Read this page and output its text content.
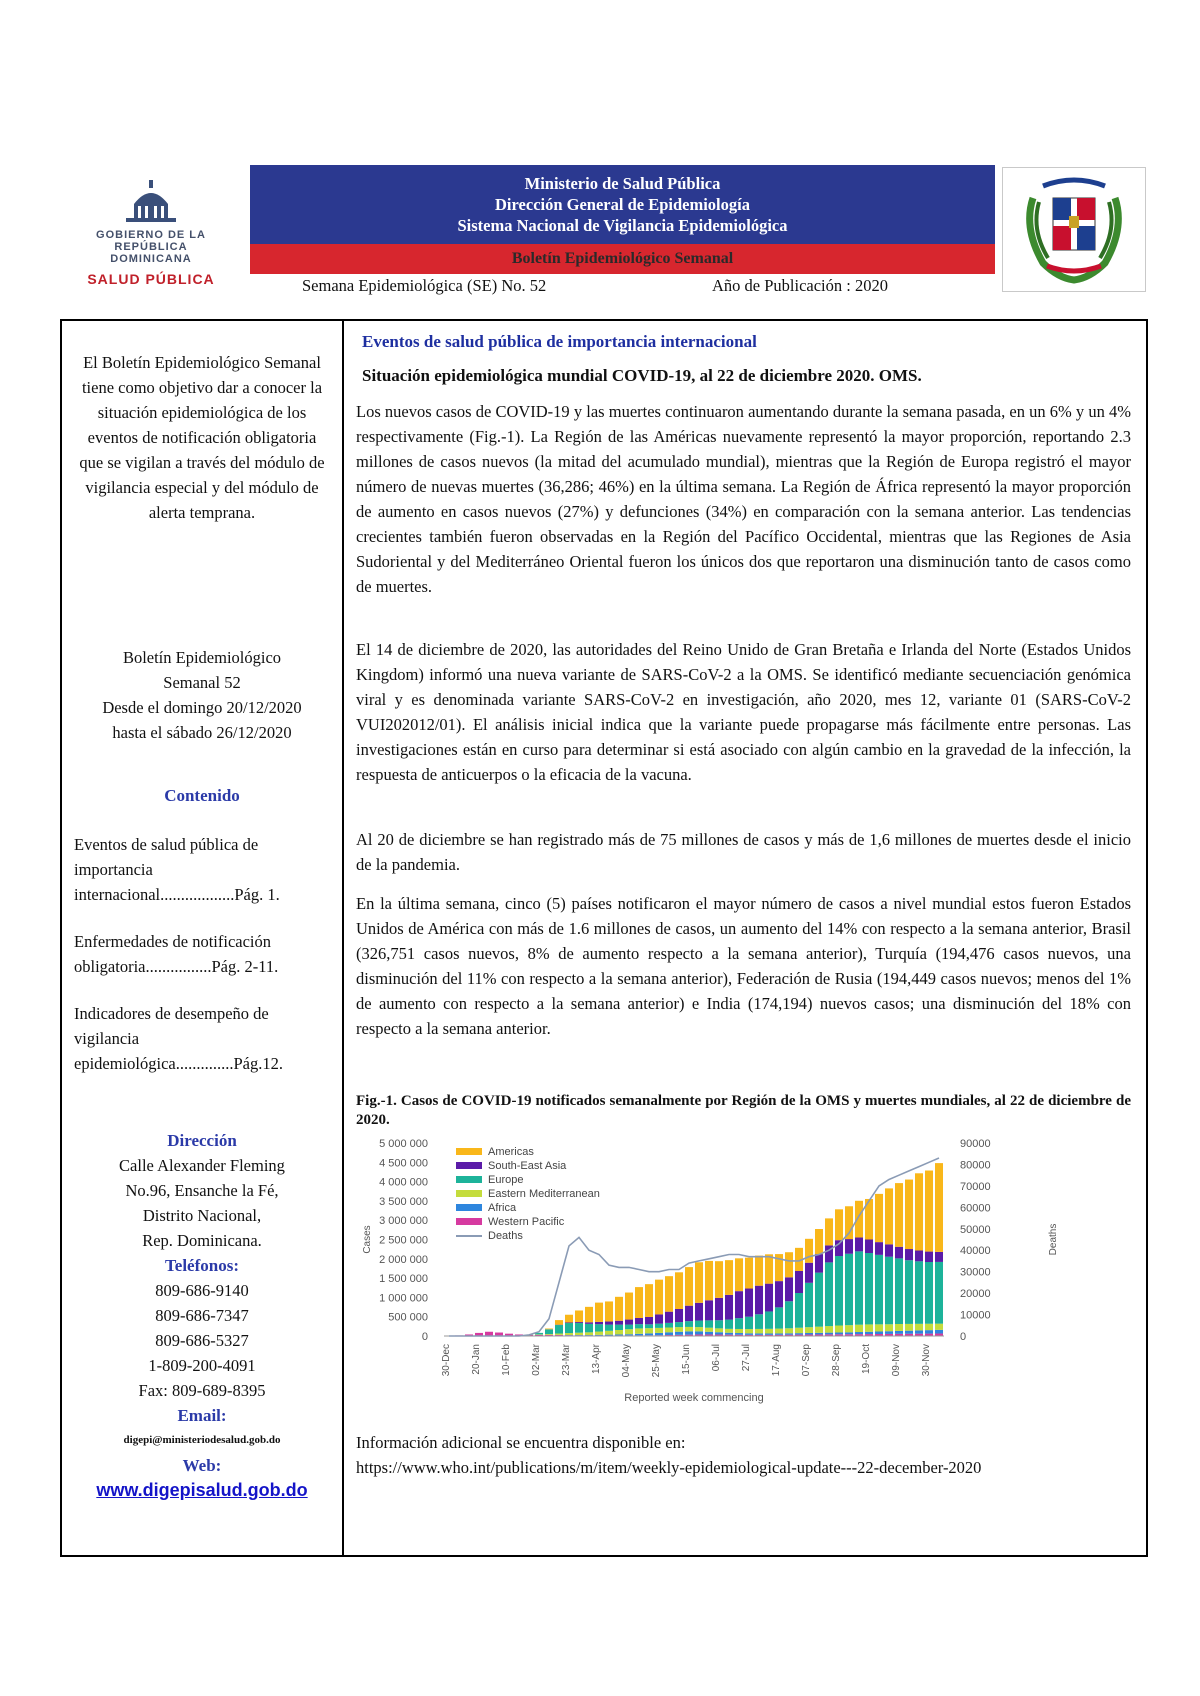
GOBIERNO DE LA
REPÚBLICA
DOMINICANA
SALUD PÚBLICA
Ministerio de Salud Pública
Dirección General de Epidemiología
Sistema Nacional de Vigilancia Epidemiológica
Boletín Epidemiológico Semanal
Semana Epidemiológica (SE) No. 52	Año de Publicación : 2020
El Boletín Epidemiológico Semanal tiene como objetivo dar a conocer la situación epidemiológica de los eventos de notificación obligatoria que se vigilan a través del módulo de vigilancia especial y del módulo de alerta temprana.
Boletín Epidemiológico
Semanal 52
Desde el domingo 20/12/2020
hasta el sábado 26/12/2020
Contenido
Eventos de salud pública de importancia internacional..................Pág. 1.
Enfermedades de notificación obligatoria................Pág. 2-11.
Indicadores de desempeño de vigilancia epidemiológica..............Pág.12.
Dirección
Calle Alexander Fleming
No.96, Ensanche la Fé,
Distrito Nacional,
Rep. Dominicana.
Teléfonos:
809-686-9140
809-686-7347
809-686-5327
1-809-200-4091
Fax: 809-689-8395
Email:
digepi@ministeriodesalud.gob.do
Web:
www.digepisalud.gob.do
Eventos de salud pública de importancia internacional
Situación epidemiológica mundial COVID-19, al 22 de diciembre 2020. OMS.
Los nuevos casos de COVID-19 y las muertes continuaron aumentando durante la semana pasada, en un 6% y un 4% respectivamente (Fig.-1). La Región de las Américas nuevamente representó la mayor proporción, reportando 2.3 millones de casos nuevos (la mitad del acumulado mundial), mientras que la Región de Europa registró el mayor número de nuevas muertes (36,286; 46%) en la última semana. La Región de África representó la mayor proporción de aumento en casos nuevos (27%) y defunciones (34%) en comparación con la semana anterior. Las tendencias crecientes también fueron observadas en la Región del Pacífico Occidental, mientras que las Regiones de Asia Sudoriental y del Mediterráneo Oriental fueron los únicos dos que reportaron una disminución tanto de casos como de muertes.
El 14 de diciembre de 2020, las autoridades del Reino Unido de Gran Bretaña e Irlanda del Norte (Estados Unidos Kingdom) informó una nueva variante de SARS-CoV-2 a la OMS. Se identificó mediante secuenciación genómica viral y es denominada variante SARS-CoV-2 en investigación, año 2020, mes 12, variante 01 (SARS-CoV-2 VUI202012/01). El análisis inicial indica que la variante puede propagarse más fácilmente entre personas. Las investigaciones están en curso para determinar si está asociado con algún cambio en la gravedad de la infección, la respuesta de anticuerpos o la eficacia de la vacuna.
Al 20 de diciembre se han registrado más de 75 millones de casos y más de 1,6 millones de muertes desde el inicio de la pandemia.
En la última semana, cinco (5) países notificaron el mayor número de casos a nivel mundial estos fueron Estados Unidos de América con más de 1.6 millones de casos, un aumento del 14% con respecto a la semana anterior, Brasil (326,751 casos nuevos, 8% de aumento respecto a la semana anterior), Turquía (194,476 casos nuevos, una disminución del 11% con respecto a la semana anterior), Federación de Rusia (194,449 casos nuevos; menos del 1% de aumento con respecto a la semana anterior) e India (174,194) nuevos casos; una disminución del 18% con respecto a la semana anterior.
Fig.-1. Casos de COVID-19 notificados semanalmente por Región de la OMS y muertes mundiales, al 22 de diciembre de 2020.
5 000 000
4 500 000
4 000 000
3 500 000
3 000 000
2 500 000
2 000 000
1 500 000
1 000 000
500 000
0
90000
80000
70000
60000
50000
40000
30000
20000
10000
0
Cases	Deaths
30-Dec 20-Jan 10-Feb 02-Mar 23-Mar 13-Apr 04-May 25-May 15-Jun 06-Jul 27-Jul 17-Aug 07-Sep 28-Sep 19-Oct 09-Nov 30-Nov
Reported week commencing
Americas
South-East Asia
Europe
Eastern Mediterranean
Africa
Western Pacific
Deaths
Información adicional se encuentra disponible en:
https://www.who.int/publications/m/item/weekly-epidemiological-update---22-december-2020
